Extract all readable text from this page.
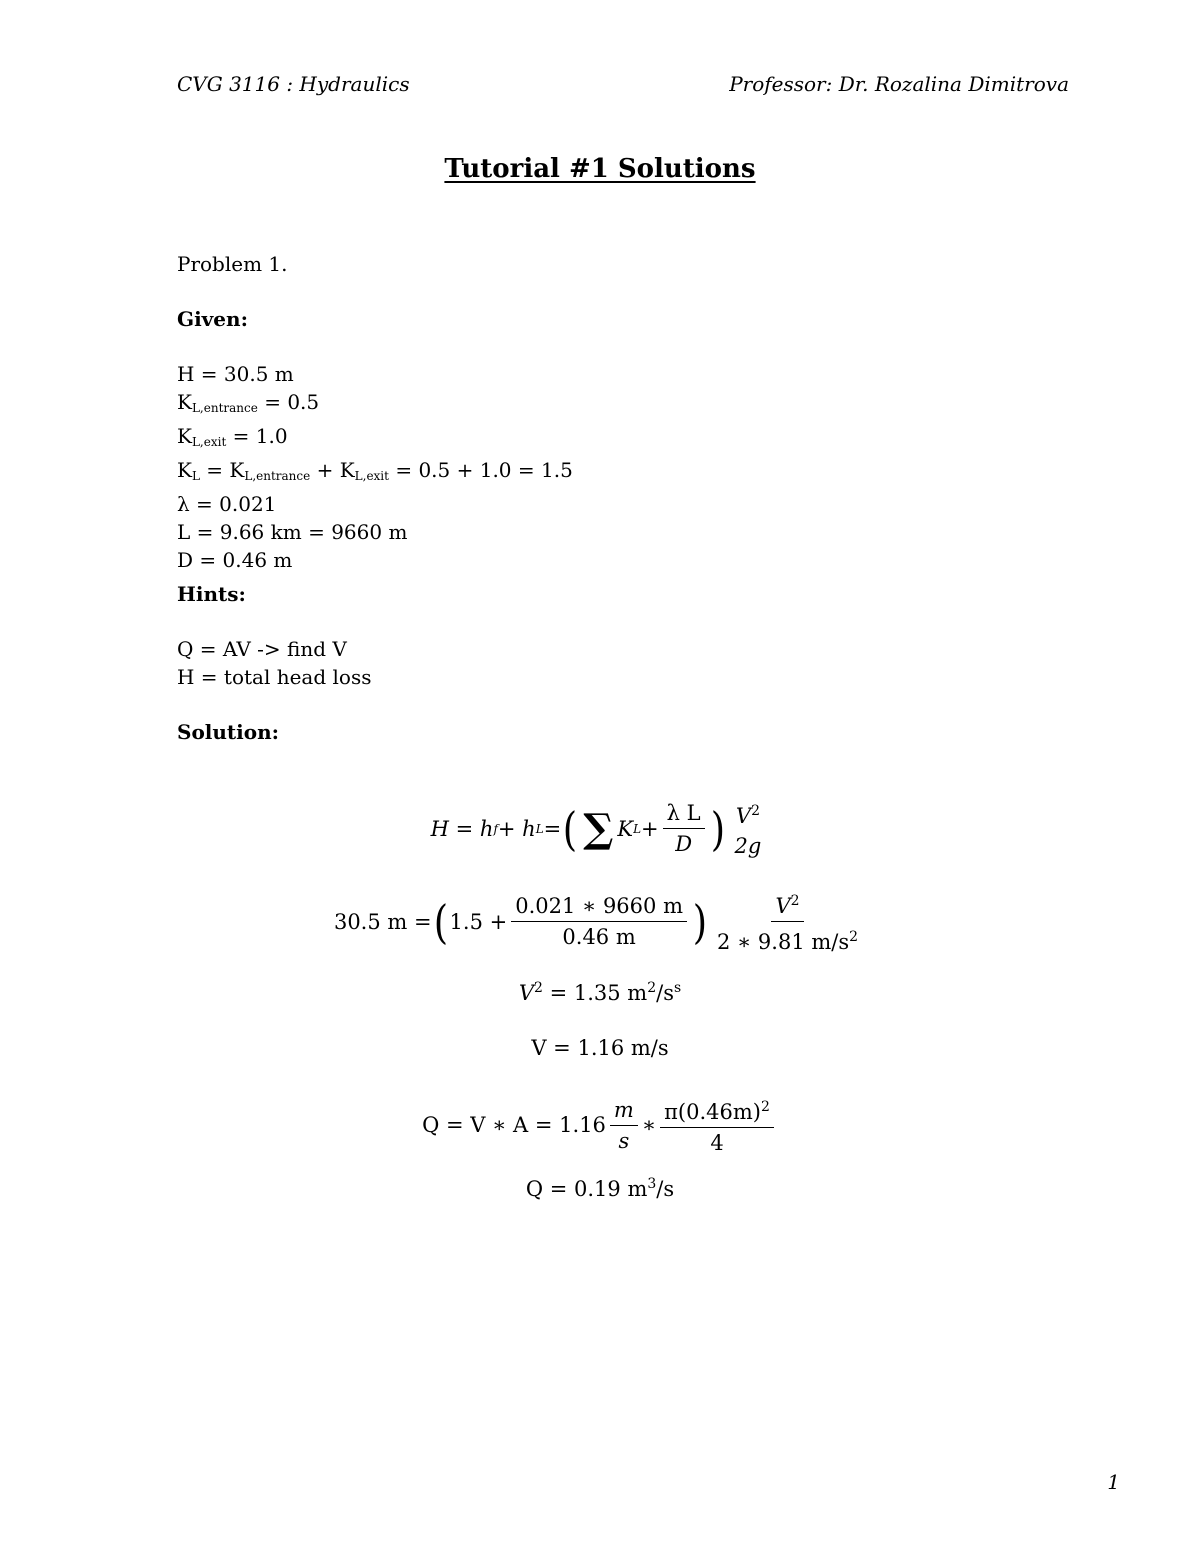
CVG 3116 : Hydraulics	Professor: Dr. Rozalina Dimitrova
Tutorial #1 Solutions
Problem 1.
Given:
H = 30.5 m
$K_{L,entrance} = 0.5$
$K_{L,exit} = 1.0$
$K_L = K_{L,entrance} + K_{L,exit} = 0.5 + 1.0 = 1.5$
λ = 0.021
L = 9.66 km = 9660 m
D = 0.46 m
Hints:
Q = AV -> find V
H = total head loss
Solution:
H = h f + h L = ( ∑ K $L + \frac{\text{λ L}}{D}$ ) $V^2$
2g
30.5 m = ( $1.5 + \frac{0.021 ∗ 9660 m}{0.46 m}$ ) $\frac{V^2}{2 ∗ 9.81 m/s^2}$
$V^2 = 1.35$ $m^2/s^s$
V = 1.16 m/s
Q = V ∗ $A = 1.16 \frac{m}{s}$ ∗ $\frac{\pi(0.46m)^2}{4}$
Q = 0.19 $m^3/s$
1
